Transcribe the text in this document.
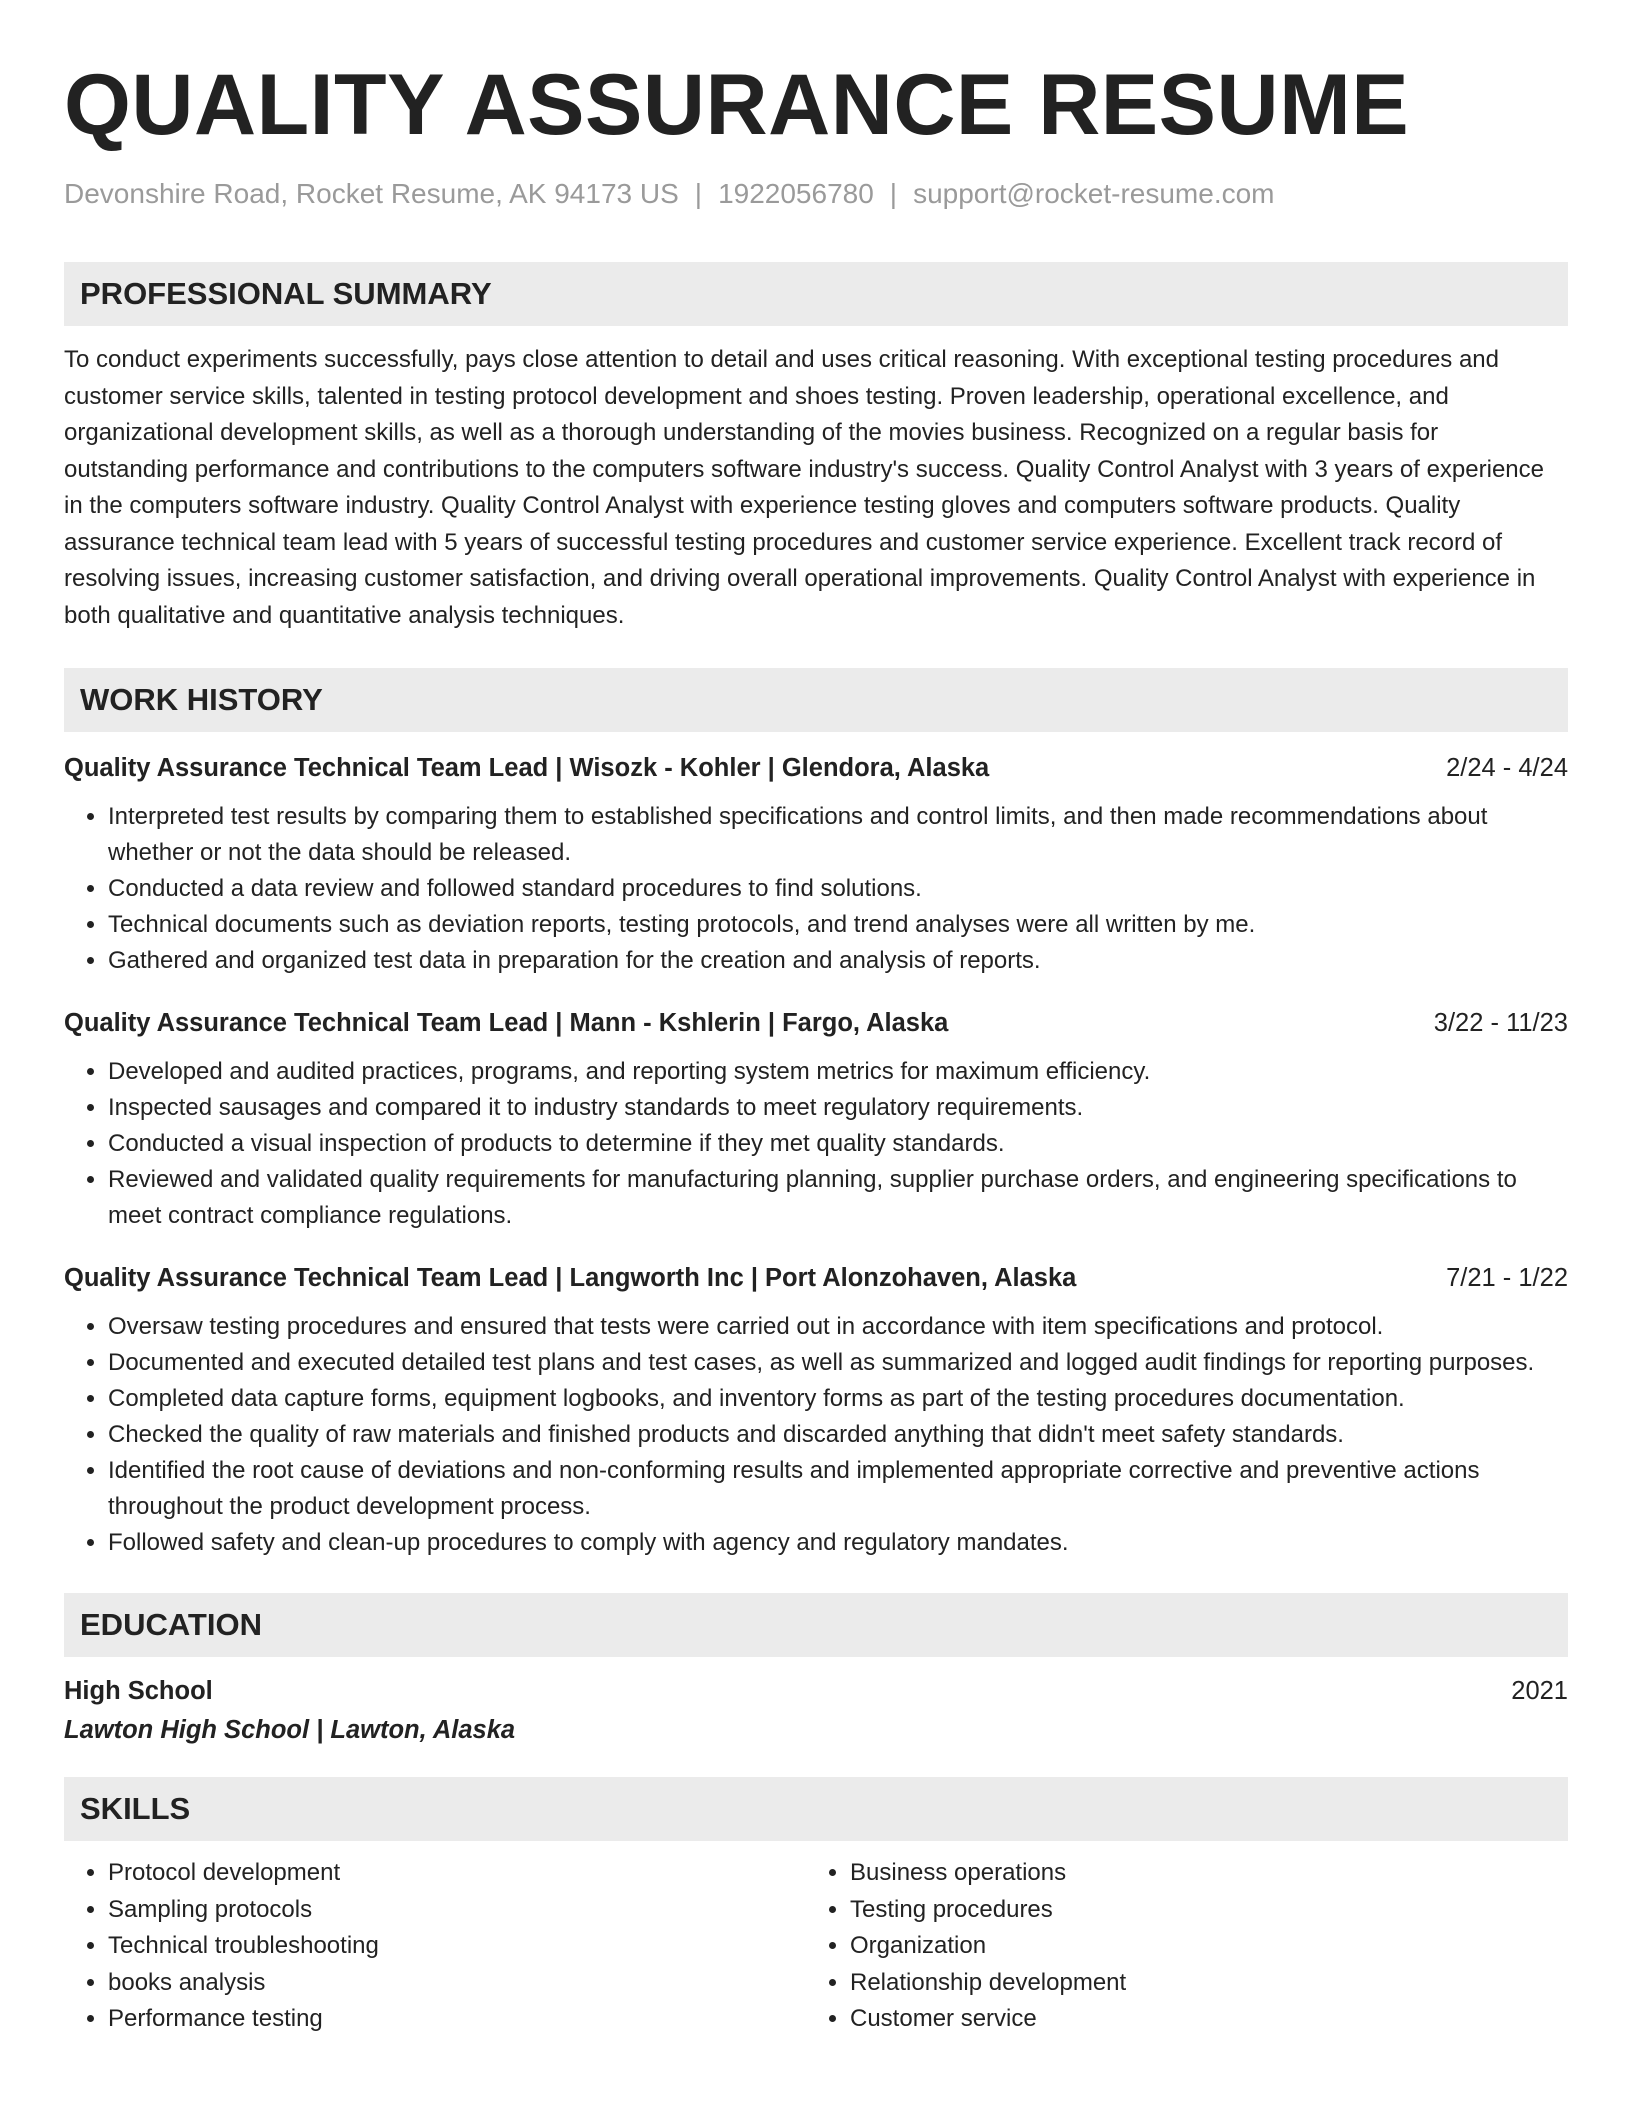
QUALITY ASSURANCE RESUME
Devonshire Road, Rocket Resume, AK 94173 US | 1922056780 | support@rocket-resume.com
PROFESSIONAL SUMMARY
To conduct experiments successfully, pays close attention to detail and uses critical reasoning. With exceptional testing procedures and customer service skills, talented in testing protocol development and shoes testing. Proven leadership, operational excellence, and organizational development skills, as well as a thorough understanding of the movies business. Recognized on a regular basis for outstanding performance and contributions to the computers software industry's success. Quality Control Analyst with 3 years of experience in the computers software industry. Quality Control Analyst with experience testing gloves and computers software products. Quality assurance technical team lead with 5 years of successful testing procedures and customer service experience. Excellent track record of resolving issues, increasing customer satisfaction, and driving overall operational improvements. Quality Control Analyst with experience in both qualitative and quantitative analysis techniques.
WORK HISTORY
Quality Assurance Technical Team Lead | Wisozk - Kohler | Glendora, Alaska	2/24 - 4/24
• Interpreted test results by comparing them to established specifications and control limits, and then made recommendations about whether or not the data should be released.
• Conducted a data review and followed standard procedures to find solutions.
• Technical documents such as deviation reports, testing protocols, and trend analyses were all written by me.
• Gathered and organized test data in preparation for the creation and analysis of reports.
Quality Assurance Technical Team Lead | Mann - Kshlerin | Fargo, Alaska	3/22 - 11/23
• Developed and audited practices, programs, and reporting system metrics for maximum efficiency.
• Inspected sausages and compared it to industry standards to meet regulatory requirements.
• Conducted a visual inspection of products to determine if they met quality standards.
• Reviewed and validated quality requirements for manufacturing planning, supplier purchase orders, and engineering specifications to meet contract compliance regulations.
Quality Assurance Technical Team Lead | Langworth Inc | Port Alonzohaven, Alaska	7/21 - 1/22
• Oversaw testing procedures and ensured that tests were carried out in accordance with item specifications and protocol.
• Documented and executed detailed test plans and test cases, as well as summarized and logged audit findings for reporting purposes.
• Completed data capture forms, equipment logbooks, and inventory forms as part of the testing procedures documentation.
• Checked the quality of raw materials and finished products and discarded anything that didn't meet safety standards.
• Identified the root cause of deviations and non-conforming results and implemented appropriate corrective and preventive actions throughout the product development process.
• Followed safety and clean-up procedures to comply with agency and regulatory mandates.
EDUCATION
High School	2021
Lawton High School | Lawton, Alaska
SKILLS
• Protocol development
• Sampling protocols
• Technical troubleshooting
• books analysis
• Performance testing
• Business operations
• Testing procedures
• Organization
• Relationship development
• Customer service
